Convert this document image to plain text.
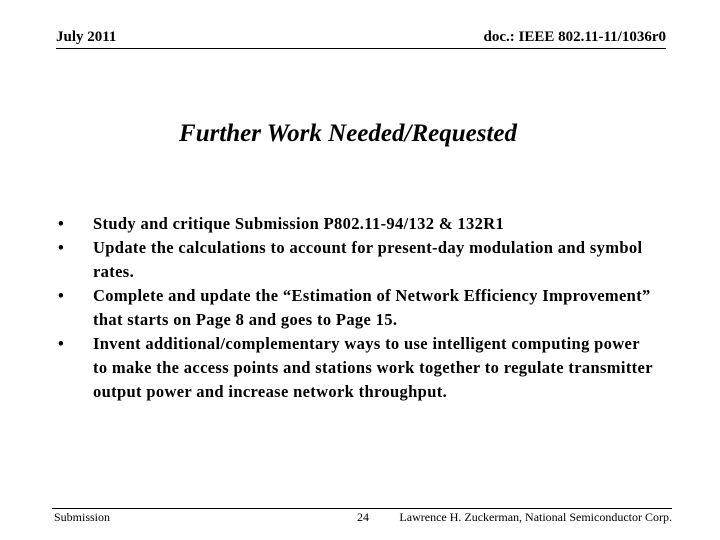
July 2011	doc.: IEEE 802.11-11/1036r0
Further Work Needed/Requested
• Study and critique Submission P802.11-94/132 & 132R1
• Update the calculations to account for present-day modulation and symbol rates.
• Complete and update the “Estimation of Network Efficiency Improvement” that starts on Page 8 and goes to Page 15.
• Invent additional/complementary ways to use intelligent computing power to make the access points and stations work together to regulate transmitter output power and increase network throughput.
Submission	24	Lawrence H. Zuckerman, National Semiconductor Corp.
